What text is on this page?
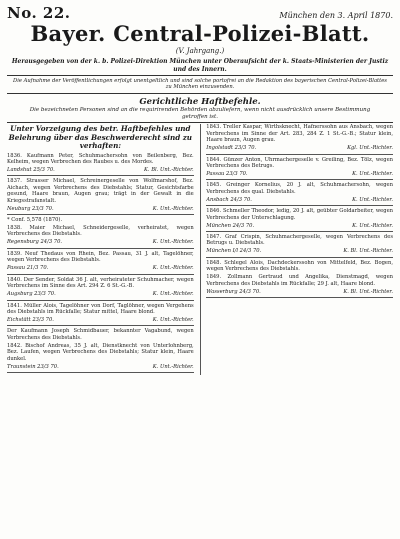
No. 22.	München den 3. April 1870.
Bayer. Central-Polizei-Blatt.
(V. Jahrgang.)
Herausgegeben von der k. b. Polizei-Direktion München unter Oberaufsicht der k. Staats-Ministerien der Justiz und des Innern.
Die Aufnahme der Veröffentlichungen erfolgt unentgeltlich und sind solche portofrei an die Redaktion des bayerischen Central-Polizei-Blattes zu München einzusenden.
Gerichtliche Haftbefehle.
Die bezeichneten Personen sind an die requirirenden Behörden abzuliefern, wenn nicht ausdrücklich unsere Bestimmung getroffen ist.
Unter Vorzeigung des betr. Haftbefehles und Belehrung über das Beschwerderecht sind zu verhaften:

1836. Kaufmann Peter, Schuhmachersohn von Beilenberg, Bez. Kelheim, wegen Verbrechen des Raubes u. des Mordes.

Landshut 25/3 70.	K. Bl. Unt.-Richter.

1837. Strasser Michael, Schreinergeselle von Wolfmarshof, Bez. Aichach, wegen Verbrechens des Diebstahls; Statur, Gesichtsfarbe gesund, Haare braun, Augen grau; trägt in der Gewalt in die Kriegsstrafanstalt.

Neuburg 23/3 70.	K. Unt.-Richter.

* Conf. 5,578 (1870).

1838. Maier Michael, Schneidergeselle, verheiratet, wegen Verbrechens des Diebstahls.

Regensburg 24/3 70.	K. Unt.-Richter.

1839. Neuf Thedaus von Rhein, Bez. Passau, 31 J. alt, Tagelöhner, wegen Verbrechens des Diebstahls.

Passau 21/3 70.	K. Unt.-Richter.

1840. Der Sender, Soldat 36 J. alt, verheirateter Schuhmacher, wegen Verbrechens im Sinne des Art. 294 Z. 6 St.-G.-B.

Augsburg 23/3 70.	K. Unt.-Richter.

1841. Müller Alois, Tagelöhner von Dorf, Taglöhner, wegen Vergehens des Diebstahls im Rückfalle; Statur mittel, Haare blond.

Eichstätt 23/3 70.	K. Unt.-Richter.

Der Kaufmann Joseph Schmidbauer, bekannter Vagabund, wegen Verbrechens des Diebstahls.

1842. Bischof Andreas, 35 J. alt, Dienstknecht von Unterlohnberg, Bez. Laufen, wegen Verbrechens des Diebstahls; Statur klein, Haare dunkel.

Traunstein 23/3 70.	K. Unt.-Richter.

1843. Treller Kaspar, Wirthsknecht, Hafnerssohn aus Ansbach, wegen Verbrechens im Sinne der Art. 283, 284 Z. 1 St.-G.-B.; Statur klein, Haare braun, Augen grau.

Ingolstadt 23/3 70.	Kgl. Unt.-Richter.

1844. Günzer Anton, Uhrmachergeselle v. Greiling, Bez. Tölz, wegen Verbrechens des Betrugs.

Passau 23/3 70.	K. Unt.-Richter.

1845. Greinger Kornelius, 20 J. alt, Schuhmachersohn, wegen Verbrechens des qual. Diebstahls.

Ansbach 24/3 70.	K. Unt.-Richter.

1846. Schmeller Theodor, ledig, 20 J. alt, geübter Goldarbeiter, wegen Verbrechens der Unterschlagung.

München 24/3 70.	K. Unt.-Richter.

1847. Graf Crispin, Schuhmachergeselle, wegen Verbrechens des Betrugs u. Diebstahls.

München I/l 24/3 70.	K. Bl. Unt.-Richter.

1848. Schlegel Alois, Dachdeckerssohn von Mittelfeld, Bez. Bogen, wegen Verbrechens des Diebstahls.

1849. Zollmann Gertraud und Angelika, Dienstmagd, wegen Verbrechens des Diebstahls im Rückfalle; 29 J. alt, Haare blond.

Wasserburg 24/3 70.	K. Bl. Unt.-Richter.
